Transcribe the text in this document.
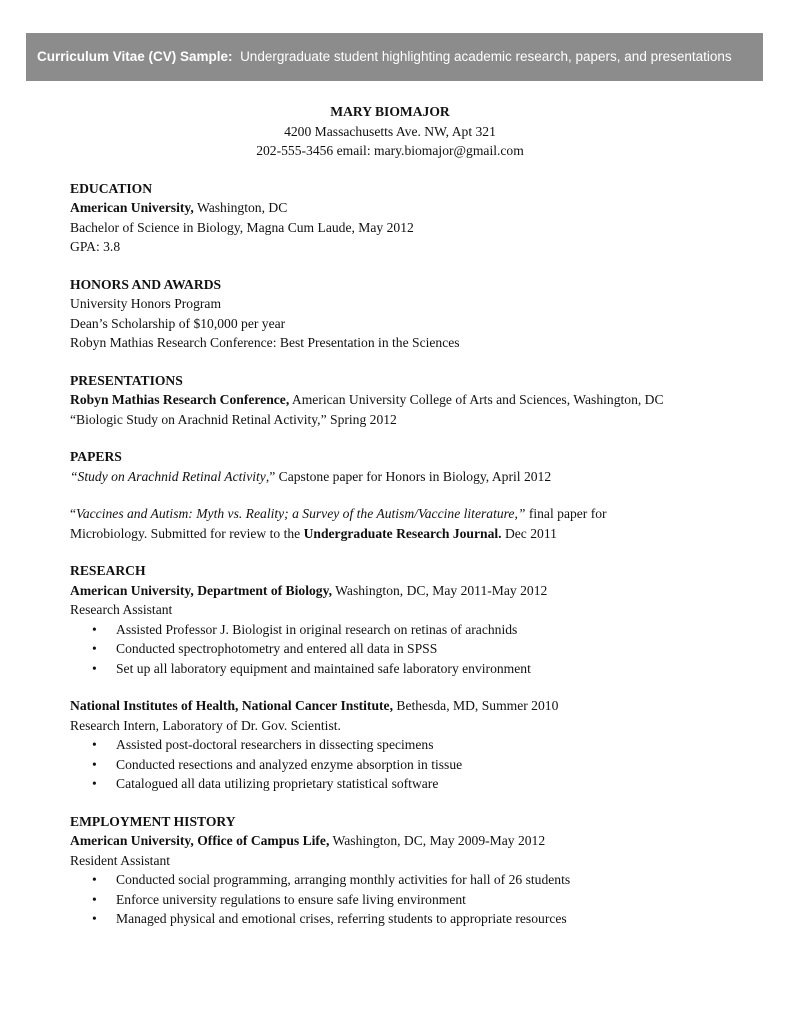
Curriculum Vitae (CV) Sample: Undergraduate student highlighting academic research, papers, and presentations
MARY BIOMAJOR
4200 Massachusetts Ave. NW, Apt 321
202-555-3456 email: mary.biomajor@gmail.com
EDUCATION
American University, Washington, DC
Bachelor of Science in Biology, Magna Cum Laude, May 2012
GPA: 3.8
HONORS AND AWARDS
University Honors Program
Dean’s Scholarship of $10,000 per year
Robyn Mathias Research Conference: Best Presentation in the Sciences
PRESENTATIONS
Robyn Mathias Research Conference, American University College of Arts and Sciences, Washington, DC
“Biologic Study on Arachnid Retinal Activity,” Spring 2012
PAPERS
“Study on Arachnid Retinal Activity,” Capstone paper for Honors in Biology, April 2012
“Vaccines and Autism: Myth vs. Reality; a Survey of the Autism/Vaccine literature,” final paper for
Microbiology. Submitted for review to the Undergraduate Research Journal. Dec 2011
RESEARCH
American University, Department of Biology, Washington, DC, May 2011-May 2012
Research Assistant
• Assisted Professor J. Biologist in original research on retinas of arachnids
• Conducted spectrophotometry and entered all data in SPSS
• Set up all laboratory equipment and maintained safe laboratory environment
National Institutes of Health, National Cancer Institute, Bethesda, MD, Summer 2010
Research Intern, Laboratory of Dr. Gov. Scientist.
• Assisted post-doctoral researchers in dissecting specimens
• Conducted resections and analyzed enzyme absorption in tissue
• Catalogued all data utilizing proprietary statistical software
EMPLOYMENT HISTORY
American University, Office of Campus Life, Washington, DC, May 2009-May 2012
Resident Assistant
• Conducted social programming, arranging monthly activities for hall of 26 students
• Enforce university regulations to ensure safe living environment
• Managed physical and emotional crises, referring students to appropriate resources
